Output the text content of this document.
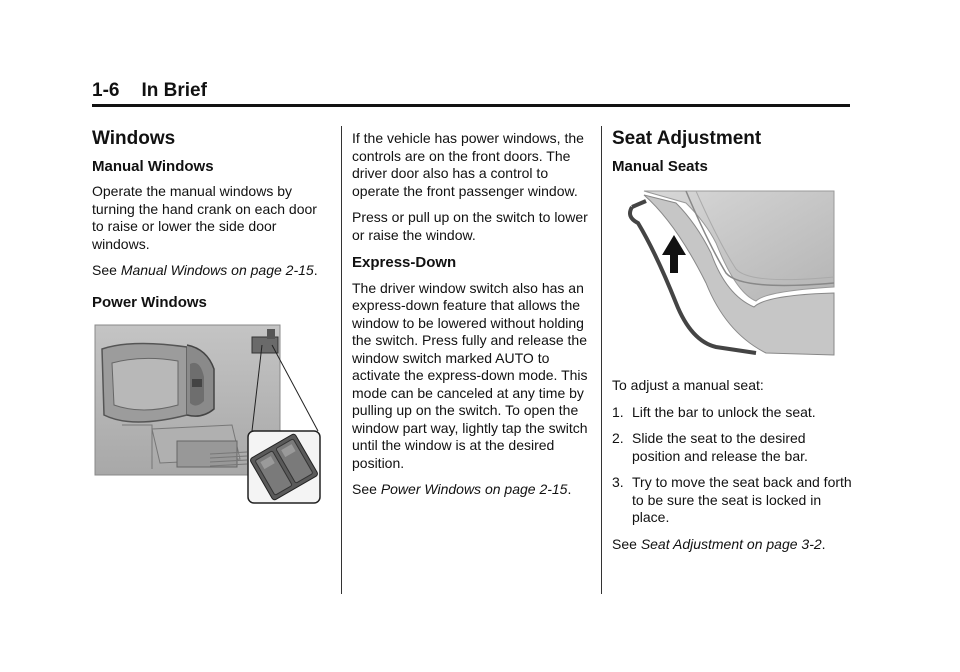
1-6 In Brief
Windows
Manual Windows

Operate the manual windows by turning the hand crank on each door to raise or lower the side door windows.

See Manual Windows on page 2-15.

Power Windows

If the vehicle has power windows, the controls are on the front doors. The driver door also has a control to operate the front passenger window.

Press or pull up on the switch to lower or raise the window.

Express-Down

The driver window switch also has an express-down feature that allows the window to be lowered without holding the switch. Press fully and release the window switch marked AUTO to activate the express-down mode. This mode can be canceled at any time by pulling up on the switch. To open the window part way, lightly tap the switch until the window is at the desired position.

See Power Windows on page 2-15.

Seat Adjustment
Manual Seats

To adjust a manual seat:

1. Lift the bar to unlock the seat.
2. Slide the seat to the desired position and release the bar.
3. Try to move the seat back and forth to be sure the seat is locked in place.

See Seat Adjustment on page 3-2.
